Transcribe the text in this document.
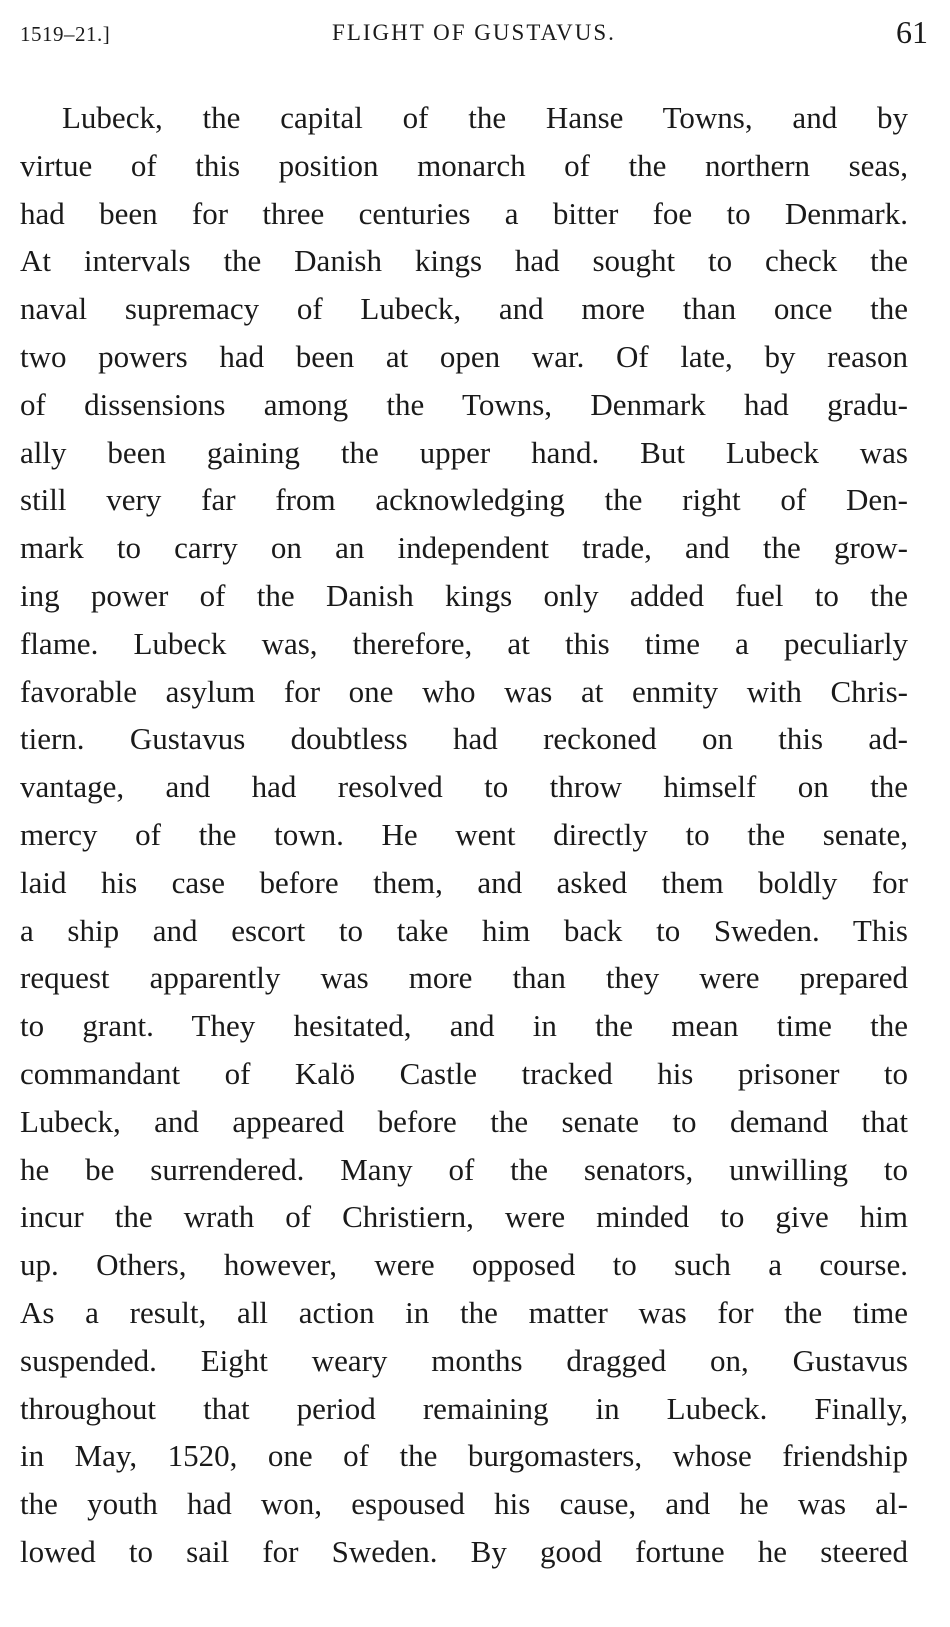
1519–21.]	FLIGHT OF GUSTAVUS.	61
Lubeck, the capital of the Hanse Towns, and by
virtue of this position monarch of the northern seas,
had been for three centuries a bitter foe to Denmark.
At intervals the Danish kings had sought to check the
naval supremacy of Lubeck, and more than once the
two powers had been at open war. Of late, by reason
of dissensions among the Towns, Denmark had gradu-
ally been gaining the upper hand. But Lubeck was
still very far from acknowledging the right of Den-
mark to carry on an independent trade, and the grow-
ing power of the Danish kings only added fuel to the
flame. Lubeck was, therefore, at this time a peculiarly
favorable asylum for one who was at enmity with Chris-
tiern. Gustavus doubtless had reckoned on this ad-
vantage, and had resolved to throw himself on the
mercy of the town. He went directly to the senate,
laid his case before them, and asked them boldly for
a ship and escort to take him back to Sweden. This
request apparently was more than they were prepared
to grant. They hesitated, and in the mean time the
commandant of Kalö Castle tracked his prisoner to
Lubeck, and appeared before the senate to demand that
he be surrendered. Many of the senators, unwilling to
incur the wrath of Christiern, were minded to give him
up. Others, however, were opposed to such a course.
As a result, all action in the matter was for the time
suspended. Eight weary months dragged on, Gustavus
throughout that period remaining in Lubeck. Finally,
in May, 1520, one of the burgomasters, whose friendship
the youth had won, espoused his cause, and he was al-
lowed to sail for Sweden. By good fortune he steered
